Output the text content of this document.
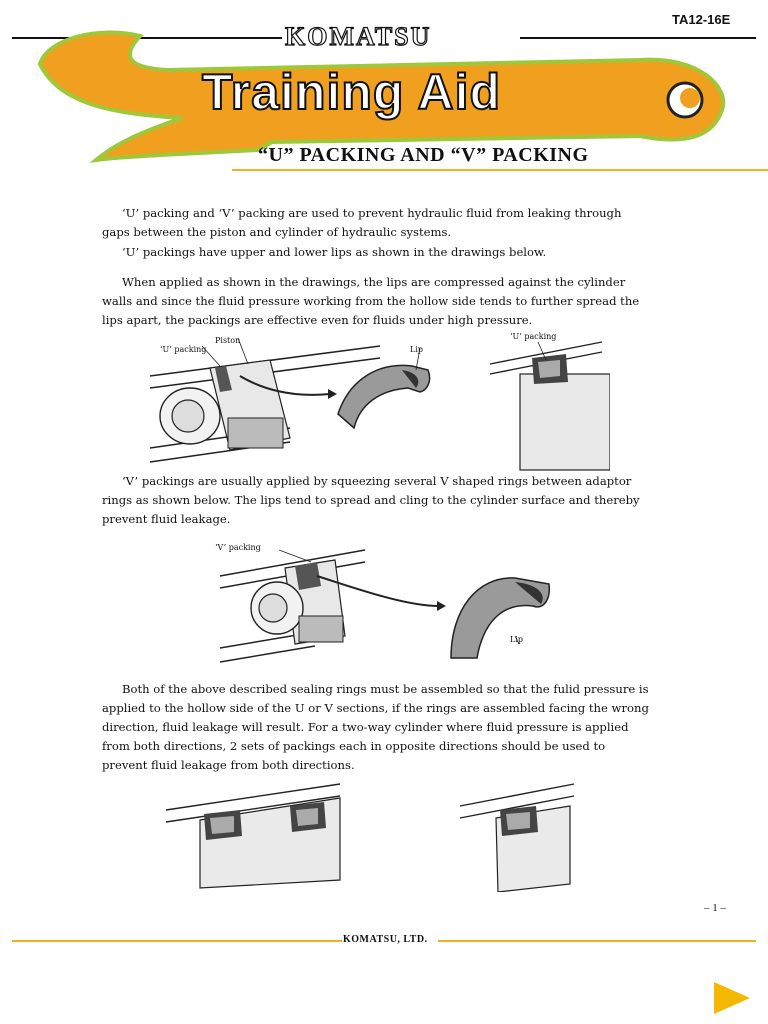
TA12-16E
KOMATSU
Training Aid
“U” PACKING AND “V” PACKING

‘U’ packing and ‘V’ packing are used to prevent hydraulic fluid from leaking through

gaps between the piston and cylinder of hydraulic systems.

‘U’ packings have upper and lower lips as shown in the drawings below.

When applied as shown in the drawings, the lips are compressed against the cylinder

walls and since the fluid pressure working from the hollow side tends to further spread the

lips apart, the packings are effective even for fluids under high pressure.

‘U’ packing
Piston
Lip
‘U’ packing

‘V’ packings are usually applied by squeezing several V shaped rings between adaptor

rings as shown below. The lips tend to spread and cling to the cylinder surface and thereby

prevent fluid leakage.

‘V’ packing
Lip

Both of the above described sealing rings must be assembled so that the fulid pressure is

applied to the hollow side of the U or V sections, if the rings are assembled facing the wrong

direction, fluid leakage will result. For a two-way cylinder where fluid pressure is applied

from both directions, 2 sets of packings each in opposite directions should be used to

prevent fluid leakage from both directions.

– 1 –
KOMATSU, LTD.
